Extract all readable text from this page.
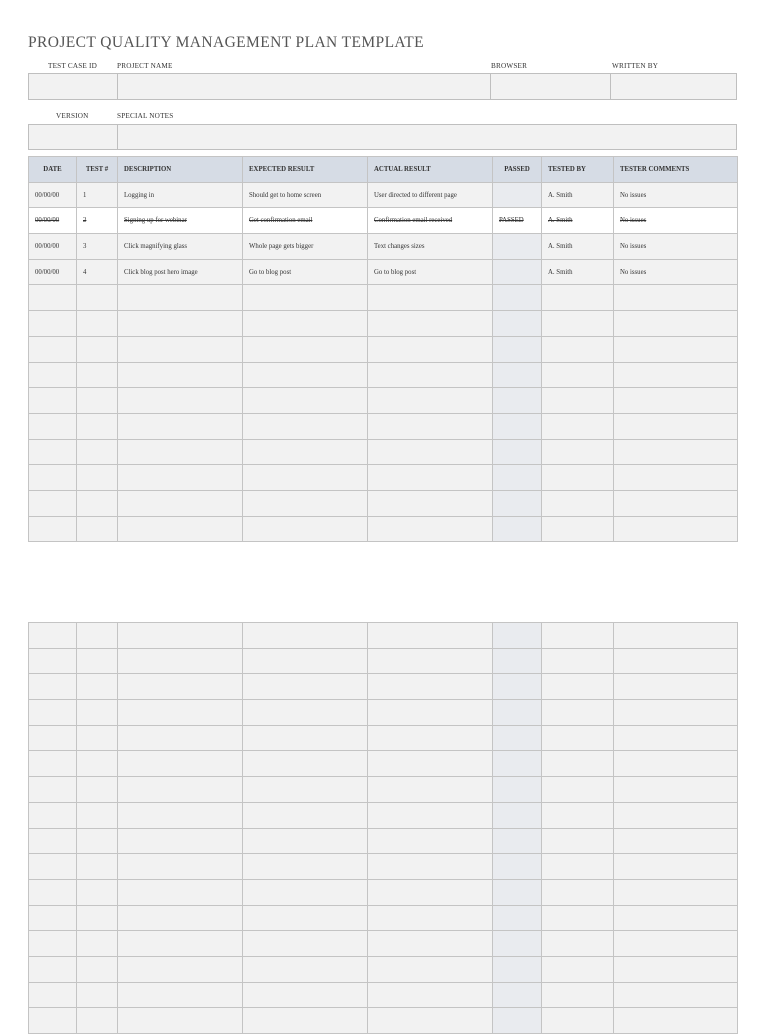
PROJECT QUALITY MANAGEMENT PLAN TEMPLATE
TEST CASE ID	PROJECT NAME	BROWSER	WRITTEN BY
VERSION	SPECIAL NOTES
DATE	TEST #	DESCRIPTION	EXPECTED RESULT	ACTUAL RESULT	PASSED	TESTED BY	TESTER COMMENTS
00/00/00	1	Logging in	Should get to home screen	User directed to different page		A. Smith	No issues
00/00/00	2	Signing up for webinar	Get confirmation email	Confirmation email received	PASSED	A. Smith	No issues
00/00/00	3	Click magnifying glass	Whole page gets bigger	Text changes sizes		A. Smith	No issues
00/00/00	4	Click blog post hero image	Go to blog post	Go to blog post		A. Smith	No issues
